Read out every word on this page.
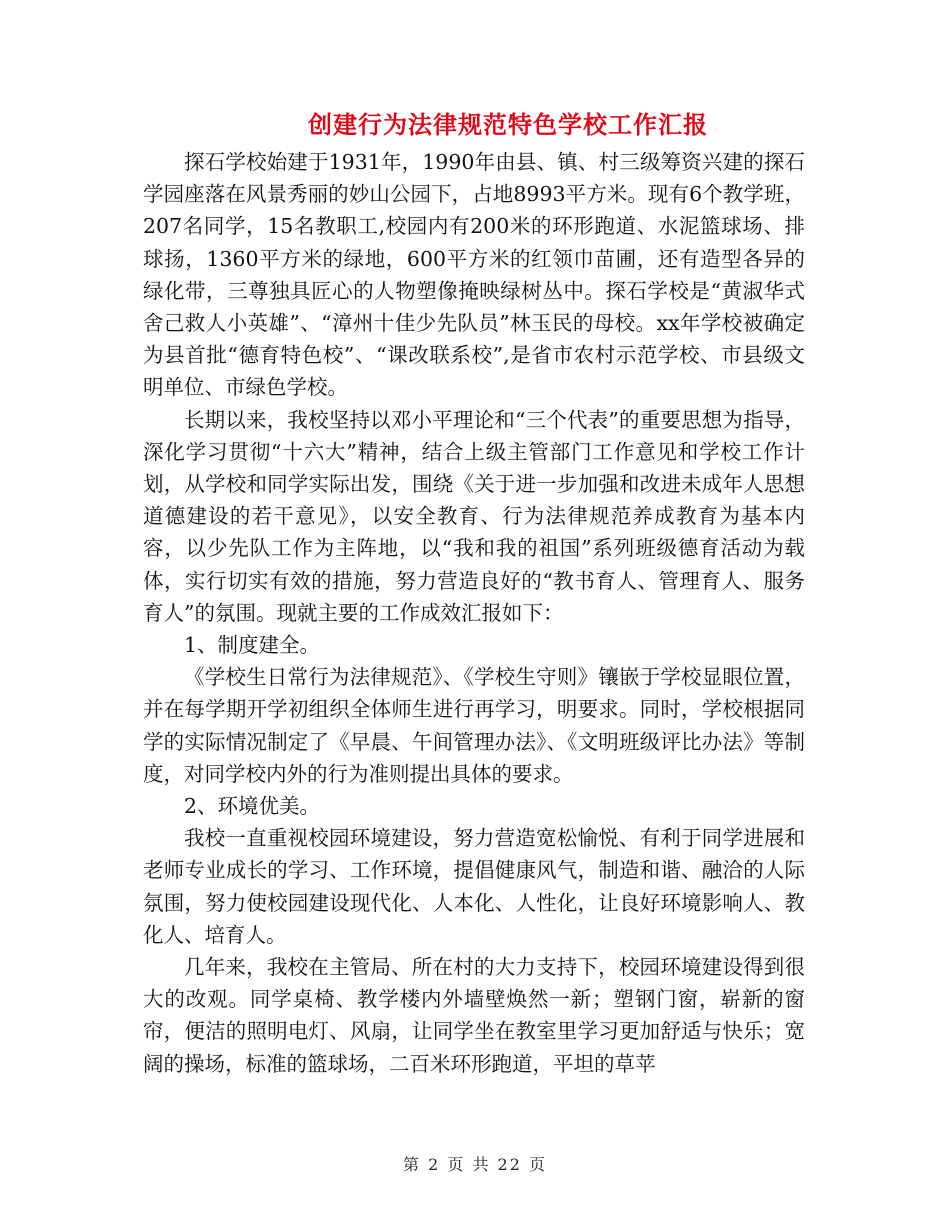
创建行为法律规范特色学校工作汇报

探石学校始建于1931年，1990年由县、镇、村三级筹资兴建的探石学园座落在风景秀丽的妙山公园下，占地8993平方米。现有6个教学班，207名同学，15名教职工,校园内有200米的环形跑道、水泥篮球场、排球扬，1360平方米的绿地，600平方米的红领巾苗圃，还有造型各异的绿化带，三尊独具匠心的人物塑像掩映绿树丛中。探石学校是“黄淑华式舍己救人小英雄”、“漳州十佳少先队员”林玉民的母校。xx年学校被确定为县首批“德育特色校”、“课改联系校”,是省市农村示范学校、市县级文明单位、市绿色学校。

长期以来，我校坚持以邓小平理论和“三个代表”的重要思想为指导，深化学习贯彻“十六大”精神，结合上级主管部门工作意见和学校工作计划，从学校和同学实际出发，围绕《关于进一步加强和改进未成年人思想道德建设的若干意见》，以安全教育、行为法律规范养成教育为基本内容，以少先队工作为主阵地，以“我和我的祖国”系列班级德育活动为载体，实行切实有效的措施，努力营造良好的“教书育人、管理育人、服务育人”的氛围。现就主要的工作成效汇报如下：

1、制度建全。

《学校生日常行为法律规范》、《学校生守则》镶嵌于学校显眼位置，并在每学期开学初组织全体师生进行再学习，明要求。同时，学校根据同学的实际情况制定了《早晨、午间管理办法》、《文明班级评比办法》等制度，对同学校内外的行为准则提出具体的要求。

2、环境优美。

我校一直重视校园环境建设，努力营造宽松愉悦、有利于同学进展和老师专业成长的学习、工作环境，提倡健康风气，制造和谐、融洽的人际氛围，努力使校园建设现代化、人本化、人性化，让良好环境影响人、教化人、培育人。

几年来，我校在主管局、所在村的大力支持下，校园环境建设得到很大的改观。同学桌椅、教学楼内外墙壁焕然一新；塑钢门窗，崭新的窗帘，便洁的照明电灯、风扇，让同学坐在教室里学习更加舒适与快乐；宽阔的操场，标准的篮球场，二百米环形跑道，平坦的草苹

第 2 页 共 22 页
